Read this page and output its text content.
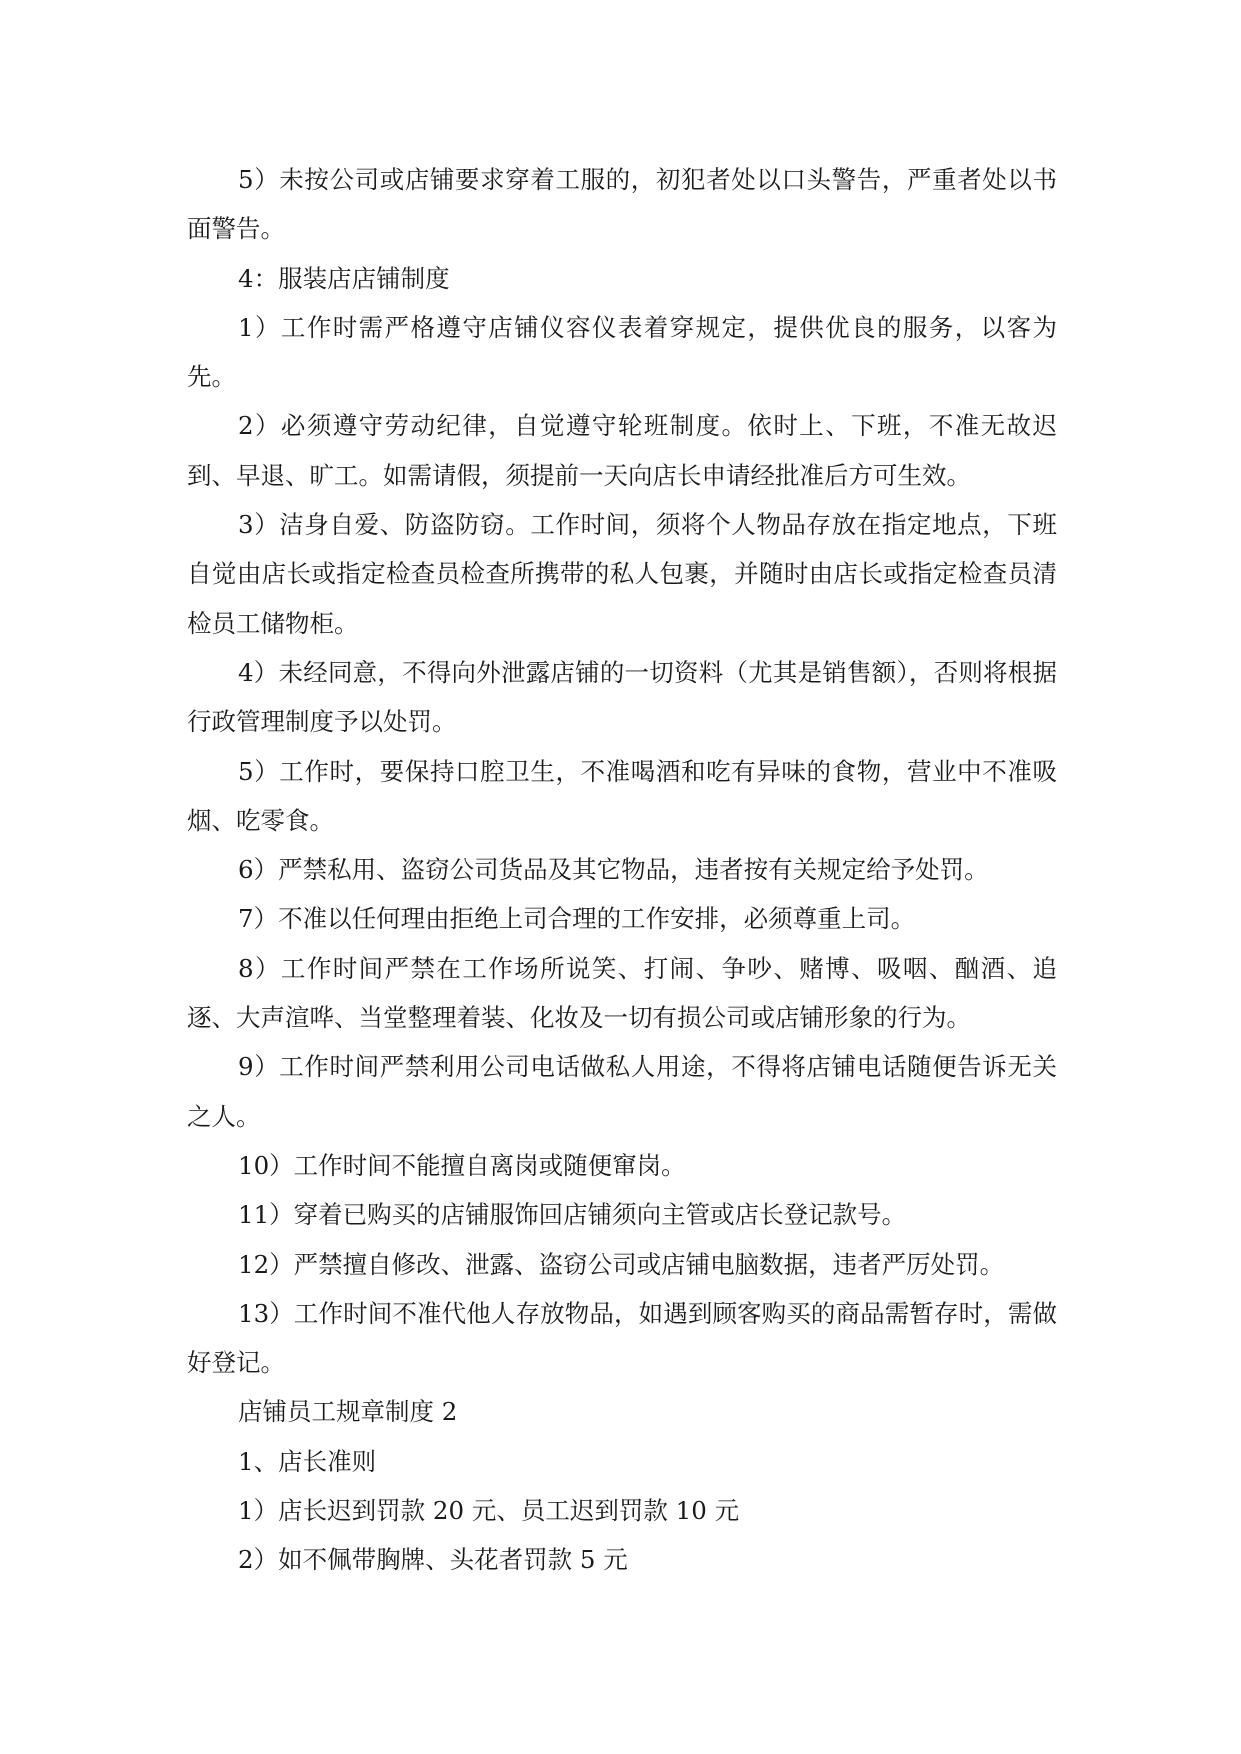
5）未按公司或店铺要求穿着工服的，初犯者处以口头警告，严重者处以书面警告。

4：服装店店铺制度

1）工作时需严格遵守店铺仪容仪表着穿规定，提供优良的服务，以客为先。

2）必须遵守劳动纪律，自觉遵守轮班制度。依时上、下班，不准无故迟到、早退、旷工。如需请假，须提前一天向店长申请经批准后方可生效。

3）洁身自爱、防盗防窃。工作时间，须将个人物品存放在指定地点，下班自觉由店长或指定检查员检查所携带的私人包裹，并随时由店长或指定检查员清检员工储物柜。

4）未经同意，不得向外泄露店铺的一切资料（尤其是销售额），否则将根据行政管理制度予以处罚。

5）工作时，要保持口腔卫生，不准喝酒和吃有异味的食物，营业中不准吸烟、吃零食。

6）严禁私用、盗窃公司货品及其它物品，违者按有关规定给予处罚。

7）不准以任何理由拒绝上司合理的工作安排，必须尊重上司。

8）工作时间严禁在工作场所说笑、打闹、争吵、赌博、吸咽、酗酒、追逐、大声渲哗、当堂整理着装、化妆及一切有损公司或店铺形象的行为。

9）工作时间严禁利用公司电话做私人用途，不得将店铺电话随便告诉无关之人。

10）工作时间不能擅自离岗或随便窜岗。

11）穿着已购买的店铺服饰回店铺须向主管或店长登记款号。

12）严禁擅自修改、泄露、盗窃公司或店铺电脑数据，违者严厉处罚。

13）工作时间不准代他人存放物品，如遇到顾客购买的商品需暂存时，需做好登记。

店铺员工规章制度 2

1、店长准则

1）店长迟到罚款 20 元、员工迟到罚款 10 元

2）如不佩带胸牌、头花者罚款 5 元
